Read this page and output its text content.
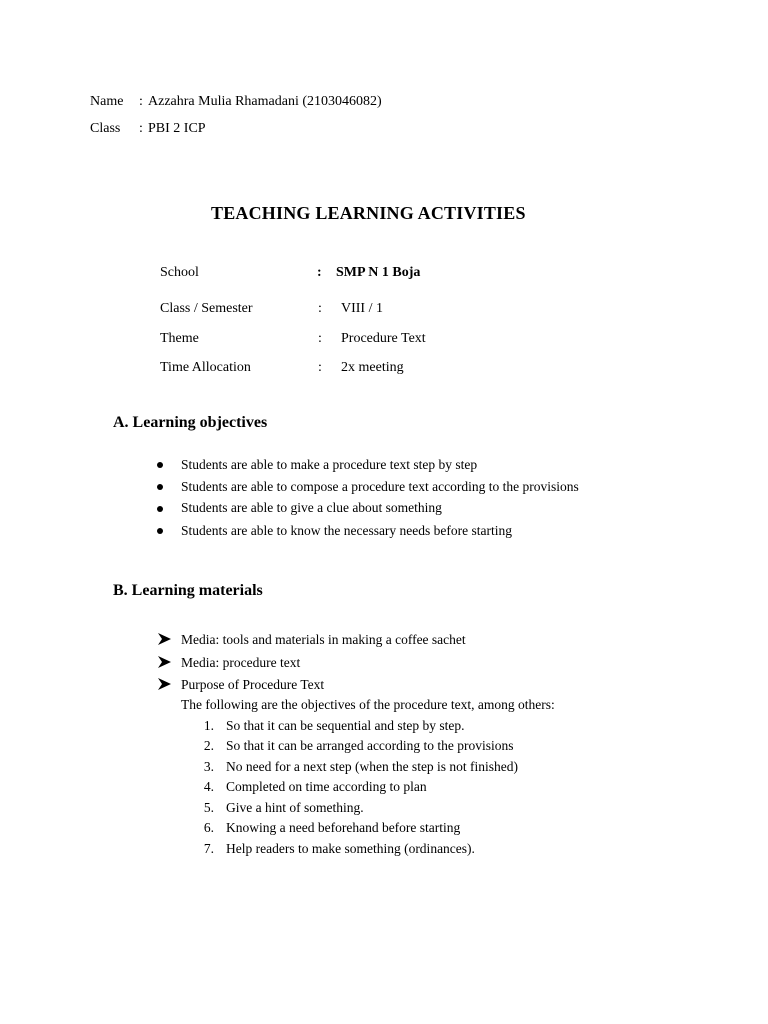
Name : Azzahra Mulia Rhamadani (2103046082)
Class : PBI 2 ICP
TEACHING LEARNING ACTIVITIES
School	: SMP N 1 Boja
Class / Semester	: VIII / 1
Theme	: Procedure Text
Time Allocation	: 2x meeting
A. Learning objectives
Students are able to make a procedure text step by step
Students are able to compose a procedure text according to the provisions
Students are able to give a clue about something
Students are able to know the necessary needs before starting
B. Learning materials
Media: tools and materials in making a coffee sachet
Media: procedure text
Purpose of Procedure Text
The following are the objectives of the procedure text, among others:
1. So that it can be sequential and step by step.
2. So that it can be arranged according to the provisions
3. No need for a next step (when the step is not finished)
4. Completed on time according to plan
5. Give a hint of something.
6. Knowing a need beforehand before starting
7. Help readers to make something (ordinances).
